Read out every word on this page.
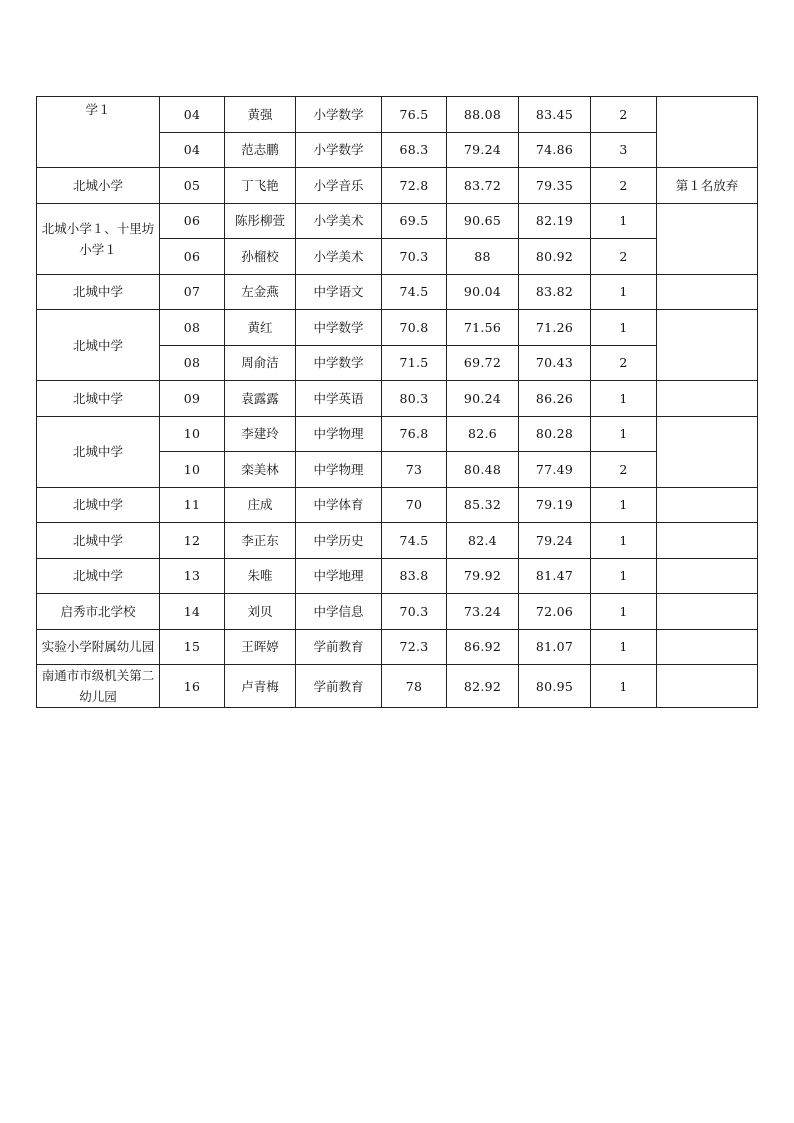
学１	04	黄强	小学数学	76.5	88.08	83.45	2	
	04	范志鹏	小学数学	68.3	79.24	74.86	3	
北城小学	05	丁飞艳	小学音乐	72.8	83.72	79.35	2	第１名放弃
北城小学１、十里坊小学１	06	陈彤柳萱	小学美术	69.5	90.65	82.19	1	
	06	孙榴校	小学美术	70.3	88	80.92	2	
北城中学	07	左金燕	中学语文	74.5	90.04	83.82	1	
北城中学	08	黄红	中学数学	70.8	71.56	71.26	1	
	08	周俞洁	中学数学	71.5	69.72	70.43	2	
北城中学	09	袁露露	中学英语	80.3	90.24	86.26	1	
北城中学	10	李建玲	中学物理	76.8	82.6	80.28	1	
	10	栾美林	中学物理	73	80.48	77.49	2	
北城中学	11	庄成	中学体育	70	85.32	79.19	1	
北城中学	12	李正东	中学历史	74.5	82.4	79.24	1	
北城中学	13	朱唯	中学地理	83.8	79.92	81.47	1	
启秀市北学校	14	刘贝	中学信息	70.3	73.24	72.06	1	
实验小学附属幼儿园	15	王晖婷	学前教育	72.3	86.92	81.07	1	
南通市市级机关第二幼儿园	16	卢青梅	学前教育	78	82.92	80.95	1	
